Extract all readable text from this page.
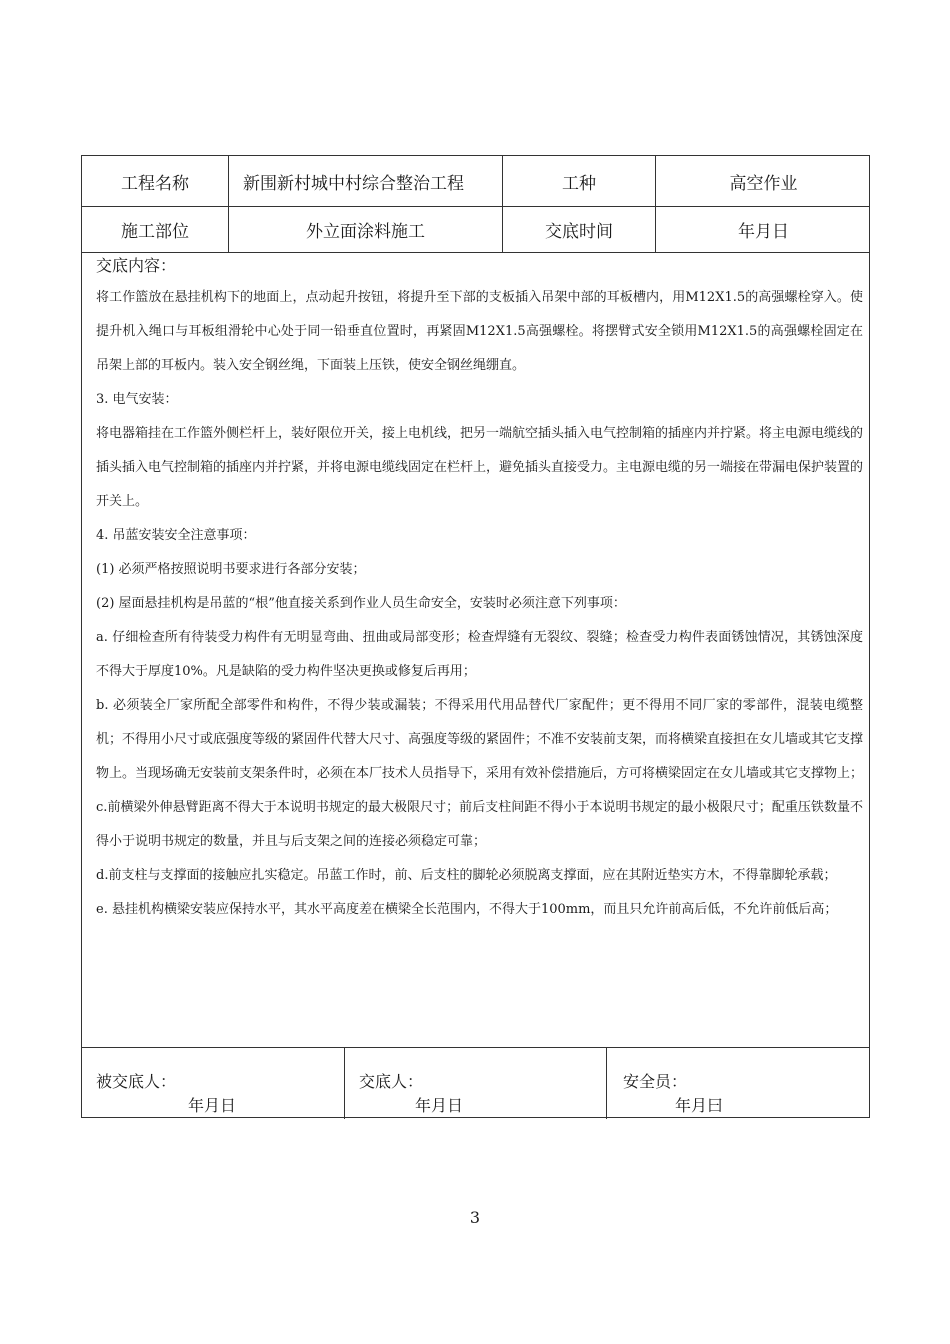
工程名称	新围新村城中村综合整治工程	工种	高空作业
施工部位	外立面涂料施工	交底时间	年月日

交底内容：

将工作篮放在悬挂机构下的地面上，点动起升按钮，将提升至下部的支板插入吊架中部的耳板槽内，用M12X1.5的高强螺栓穿入。使提升机入绳口与耳板组滑轮中心处于同一铅垂直位置时，再紧固M12X1.5高强螺栓。将摆臂式安全锁用M12X1.5的高强螺栓固定在吊架上部的耳板内。装入安全钢丝绳，下面装上压铁，使安全钢丝绳绷直。

3. 电气安装：

将电器箱挂在工作篮外侧栏杆上，装好限位开关，接上电机线，把另一端航空插头插入电气控制箱的插座内并拧紧。将主电源电缆线的插头插入电气控制箱的插座内并拧紧，并将电源电缆线固定在栏杆上，避免插头直接受力。主电源电缆的另一端接在带漏电保护装置的开关上。

4. 吊蓝安装安全注意事项：

(1) 必须严格按照说明书要求进行各部分安装；

(2) 屋面悬挂机构是吊蓝的“根”他直接关系到作业人员生命安全，安装时必须注意下列事项：

a. 仔细检查所有待装受力构件有无明显弯曲、扭曲或局部变形；检查焊缝有无裂纹、裂缝；检查受力构件表面锈蚀情况，其锈蚀深度不得大于厚度10%。凡是缺陷的受力构件坚决更换或修复后再用；

b. 必须装全厂家所配全部零件和构件，不得少装或漏装；不得采用代用品替代厂家配件；更不得用不同厂家的零部件，混装电缆整机；不得用小尺寸或底强度等级的紧固件代替大尺寸、高强度等级的紧固件；不准不安装前支架，而将横梁直接担在女儿墙或其它支撑物上。当现场确无安装前支架条件时，必须在本厂技术人员指导下，采用有效补偿措施后，方可将横梁固定在女儿墙或其它支撑物上；

c.前横梁外伸悬臂距离不得大于本说明书规定的最大极限尺寸；前后支柱间距不得小于本说明书规定的最小极限尺寸；配重压铁数量不得小于说明书规定的数量，并且与后支架之间的连接必须稳定可靠；

d.前支柱与支撑面的接触应扎实稳定。吊蓝工作时，前、后支柱的脚轮必须脱离支撑面，应在其附近垫实方木，不得靠脚轮承载；

e. 悬挂机构横梁安装应保持水平，其水平高度差在横梁全长范围内，不得大于100mm，而且只允许前高后低，不允许前低后高；

被交底人：
年月日
交底人：
年月日
安全员：
年月曰
3
